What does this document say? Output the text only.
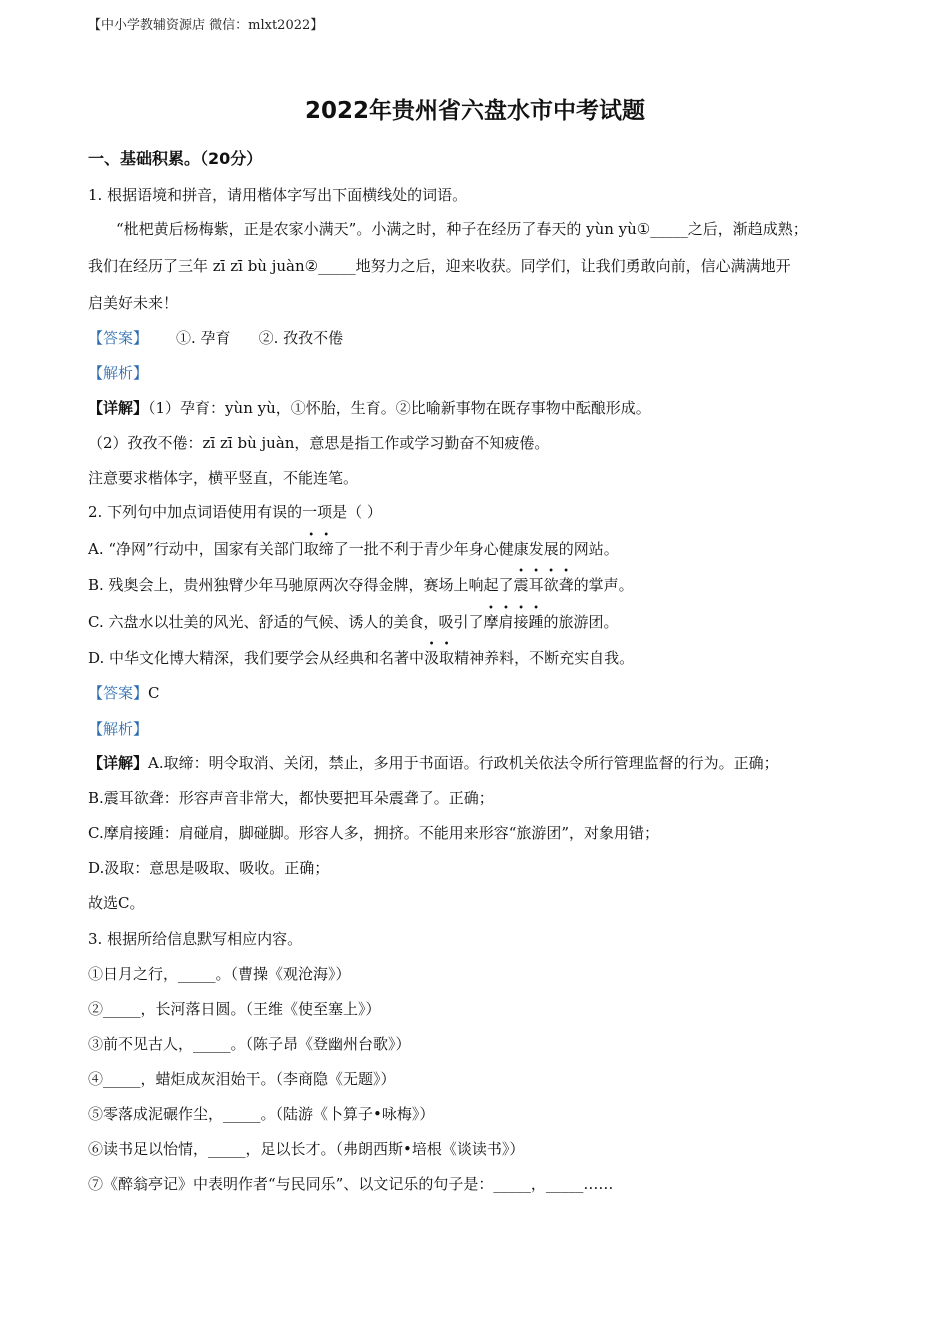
【中小学教辅资源店 微信：mlxt2022】
2022年贵州省六盘水市中考试题
一、基础积累。（20分）
1. 根据语境和拼音，请用楷体字写出下面横线处的词语。
“枇杷黄后杨梅紫，正是农家小满天”。小满之时，种子在经历了春天的 yùn yù①_____之后，渐趋成熟；
我们在经历了三年 zī zī bù juàn②_____地努力之后，迎来收获。同学们，让我们勇敢向前，信心满满地开
启美好未来！
【答案】 ①. 孕育 ②. 孜孜不倦
【解析】
【详解】（1）孕育：yùn yù，①怀胎，生育。②比喻新事物在既存事物中酝酿形成。
（2）孜孜不倦：zī zī bù juàn，意思是指工作或学习勤奋不知疲倦。
注意要求楷体字，横平竖直，不能连笔。
2. 下列句中加点词语使用有误的一项是（ ）
A. “净网”行动中，国家有关部门取缔了一批不利于青少年身心健康发展的网站。
B. 残奥会上，贵州独臂少年马驰原两次夺得金牌，赛场上响起了震耳欲聋的掌声。
C. 六盘水以壮美的风光、舒适的气候、诱人的美食，吸引了摩肩接踵的旅游团。
D. 中华文化博大精深，我们要学会从经典和名著中汲取精神养料，不断充实自我。
【答案】C
【解析】
【详解】A.取缔：明令取消、关闭，禁止，多用于书面语。行政机关依法令所行管理监督的行为。正确；
B.震耳欲聋：形容声音非常大，都快要把耳朵震聋了。正确；
C.摩肩接踵：肩碰肩，脚碰脚。形容人多，拥挤。不能用来形容“旅游团”，对象用错；
D.汲取：意思是吸取、吸收。正确；
故选C。
3. 根据所给信息默写相应内容。
①日月之行，_____。（曹操《观沧海》）
②_____，长河落日圆。（王维《使至塞上》）
③前不见古人，_____。（陈子昂《登幽州台歌》）
④_____，蜡炬成灰泪始干。（李商隐《无题》）
⑤零落成泥碾作尘，_____。（陆游《卜算子•咏梅》）
⑥读书足以怡情，_____，足以长才。（弗朗西斯•培根《谈读书》）
⑦《醉翁亭记》中表明作者“与民同乐”、以文记乐的句子是：_____，_____……
